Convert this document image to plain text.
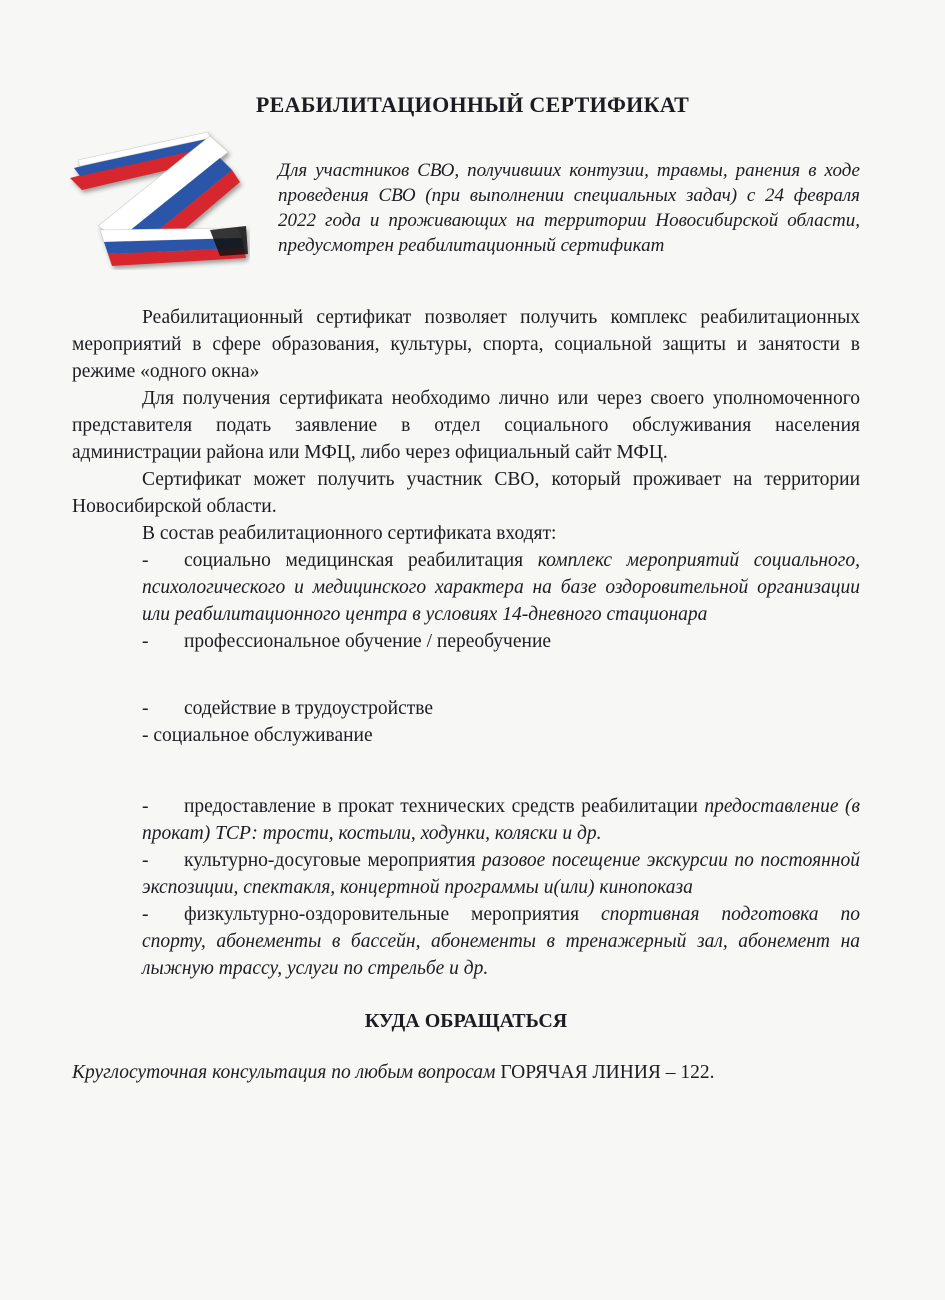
РЕАБИЛИТАЦИОННЫЙ СЕРТИФИКАТ
Для участников СВО, получивших контузии, травмы, ранения в ходе проведения СВО (при выполнении специальных задач) с 24 февраля 2022 года и проживающих на территории Новосибирской области, предусмотрен реабилитационный сертификат

Реабилитационный сертификат позволяет получить комплекс реабилитационных мероприятий в сфере образования, культуры, спорта, социальной защиты и занятости в режиме «одного окна»

Для получения сертификата необходимо лично или через своего уполномоченного представителя подать заявление в отдел социального обслуживания населения администрации района или МФЦ, либо через официальный сайт МФЦ.

Сертификат может получить участник СВО, который проживает на территории Новосибирской области.

В состав реабилитационного сертификата входят:

- социально медицинская реабилитация комплекс мероприятий социального, психологического и медицинского характера на базе оздоровительной организации или реабилитационного центра в условиях 14-дневного стационара

- профессиональное обучение / переобучение

- содействие в трудоустройстве

- социальное обслуживание

- предоставление в прокат технических средств реабилитации предоставление (в прокат) ТСР: трости, костыли, ходунки, коляски и др.

- культурно-досуговые мероприятия разовое посещение экскурсии по постоянной экспозиции, спектакля, концертной программы и(или) кинопоказа

- физкультурно-оздоровительные мероприятия спортивная подготовка по спорту, абонементы в бассейн, абонементы в тренажерный зал, абонемент на лыжную трассу, услуги по стрельбе и др.

КУДА ОБРАЩАТЬСЯ

Круглосуточная консультация по любым вопросам ГОРЯЧАЯ ЛИНИЯ – 122.
